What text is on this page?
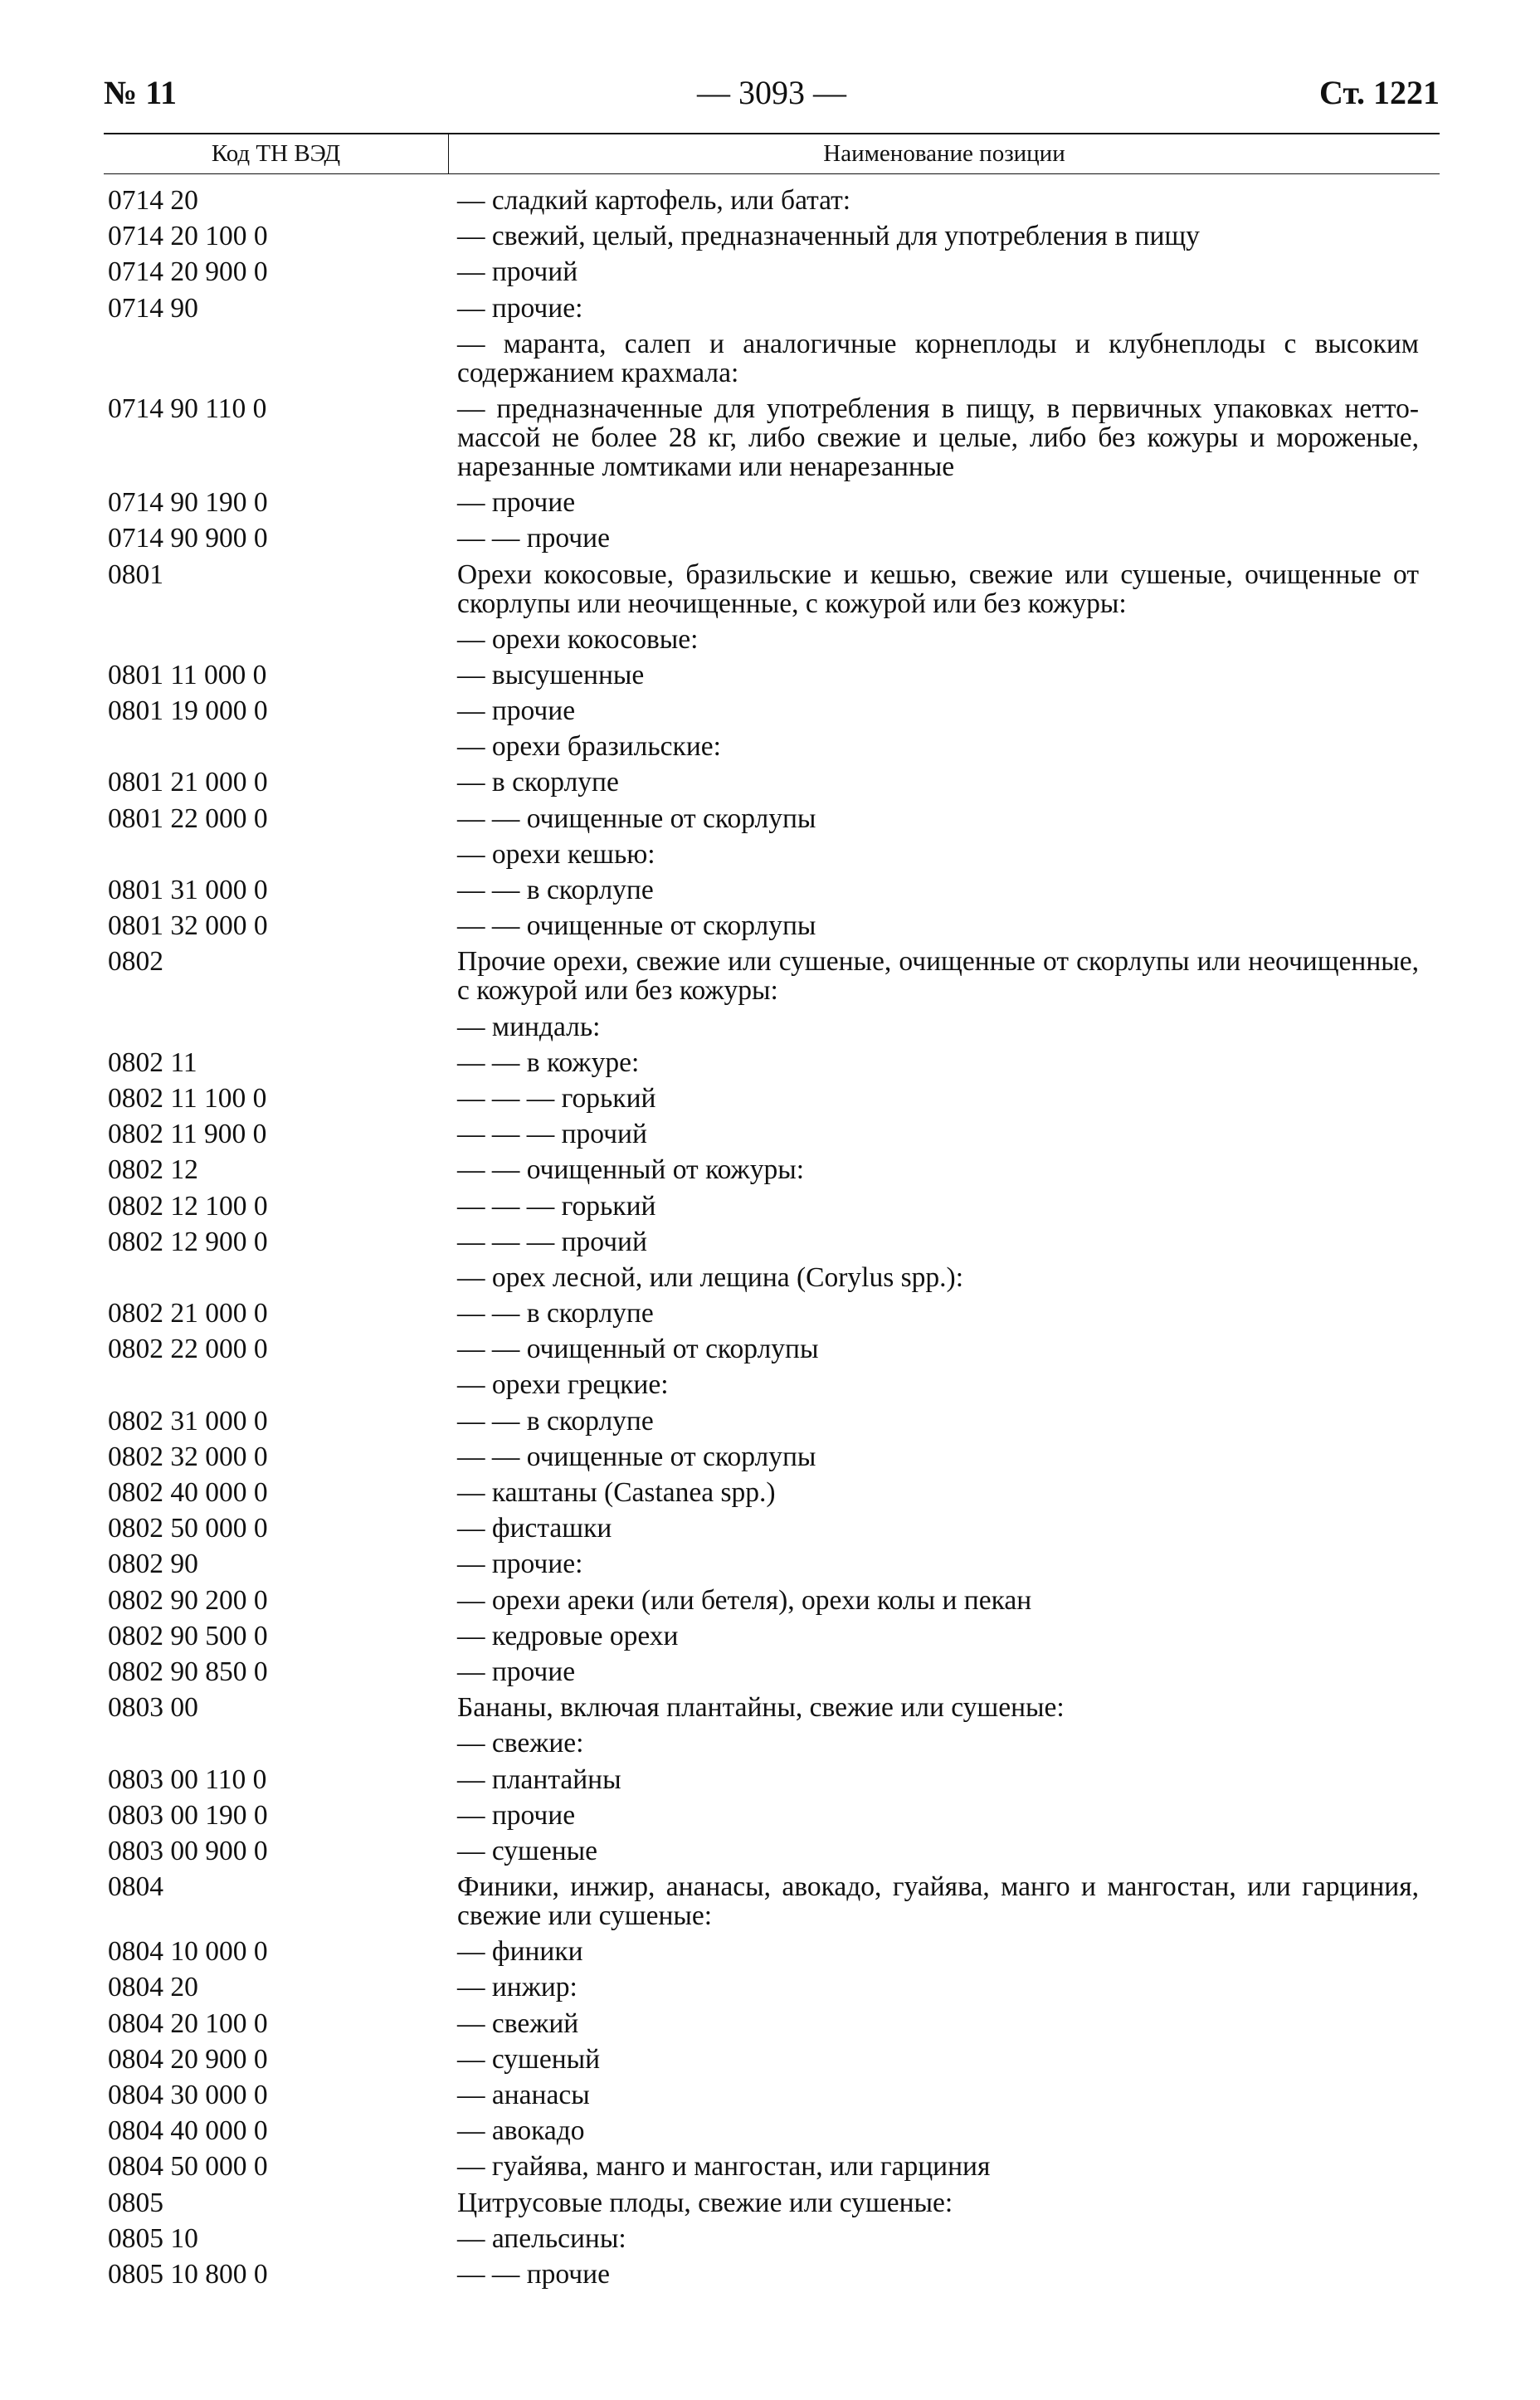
№ 11	— 3093 —	Ст. 1221
Код ТН ВЭД	Наименование позиции
0714 20	— сладкий картофель, или батат:
0714 20 100 0	— свежий, целый, предназначенный для употребления в пищу
0714 20 900 0	— прочий
0714 90	— прочие:
— маранта, салеп и аналогичные корнеплоды и клубнеплоды с высоким содержанием крахмала:
0714 90 110 0	— предназначенные для употребления в пищу, в первичных упаковках нетто-массой не более 28 кг, либо свежие и целые, либо без кожуры и мороженые, нарезанные ломтиками или ненарезанные
0714 90 190 0	— прочие
0714 90 900 0	— — прочие
0801	Орехи кокосовые, бразильские и кешью, свежие или сушеные, очищенные от скорлупы или неочищенные, с кожурой или без кожуры:
— орехи кокосовые:
0801 11 000 0	— высушенные
0801 19 000 0	— прочие
— орехи бразильские:
0801 21 000 0	— в скорлупе
0801 22 000 0	— — очищенные от скорлупы
— орехи кешью:
0801 31 000 0	— — в скорлупе
0801 32 000 0	— — очищенные от скорлупы
0802	Прочие орехи, свежие или сушеные, очищенные от скорлупы или неочищенные, с кожурой или без кожуры:
— миндаль:
0802 11	— — в кожуре:
0802 11 100 0	— — — горький
0802 11 900 0	— — — прочий
0802 12	— — очищенный от кожуры:
0802 12 100 0	— — — горький
0802 12 900 0	— — — прочий
— орех лесной, или лещина (Corylus spp.):
0802 21 000 0	— — в скорлупе
0802 22 000 0	— — очищенный от скорлупы
— орехи грецкие:
0802 31 000 0	— — в скорлупе
0802 32 000 0	— — очищенные от скорлупы
0802 40 000 0	— каштаны (Castanea spp.)
0802 50 000 0	— фисташки
0802 90	— прочие:
0802 90 200 0	— орехи ареки (или бетеля), орехи колы и пекан
0802 90 500 0	— кедровые орехи
0802 90 850 0	— прочие
0803 00	Бананы, включая плантайны, свежие или сушеные:
— свежие:
0803 00 110 0	— плантайны
0803 00 190 0	— прочие
0803 00 900 0	— сушеные
0804	Финики, инжир, ананасы, авокадо, гуайява, манго и мангостан, или гарциния, свежие или сушеные:
0804 10 000 0	— финики
0804 20	— инжир:
0804 20 100 0	— свежий
0804 20 900 0	— сушеный
0804 30 000 0	— ананасы
0804 40 000 0	— авокадо
0804 50 000 0	— гуайява, манго и мангостан, или гарциния
0805	Цитрусовые плоды, свежие или сушеные:
0805 10	— апельсины:
0805 10 800 0	— — прочие
